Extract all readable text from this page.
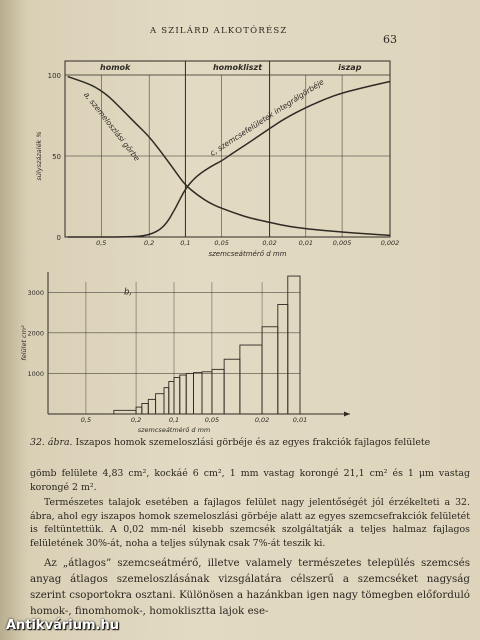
A SZILÁRD ALKOTÓRÉSZ
63
0,5	0,2	0,1	0,05	0,02	0,01	0,005	0,002
homok	homokliszt	iszap
100
50
0
súlyszázalék %
szemcseátmérő d mm
a, szemeloszlási görbe	c, szemcsefelületek integrálgörbéje
3000
2000
1000
0,5	0,2	0,1	0,05	0,02	0,01
b,
felület cm²
szemcseátmérő d mm
32. ábra. Iszapos homok szemeloszlási görbéje és az egyes frakciók fajlagos felülete
gömb felülete 4,83 cm², kockáé 6 cm², 1 mm vastag korongé 21,1 cm² és 1 μm vastag korongé 2 m².
Természetes talajok esetében a fajlagos felület nagy jelentőségét jól érzékelteti a 32. ábra, ahol egy iszapos homok szemeloszlási görbéje alatt az egyes szemcsefrakciók felületét is feltüntettük. A 0,02 mm-nél kisebb szemcsék szolgáltatják a teljes halmaz fajlagos felületének 30%-át, noha a teljes súlynak csak 7%-át teszik ki.
Az „átlagos” szemcseátmérő, illetve valamely természetes település szemcsés anyag átlagos szemeloszlásának vizsgálatára célszerű a szemcséket nagyság szerint csoportokra osztani. Különösen a hazánkban igen nagy tömegben előforduló homok-, finomhomok-, homoklisztta lajok ese-
Antikvárium.hu
